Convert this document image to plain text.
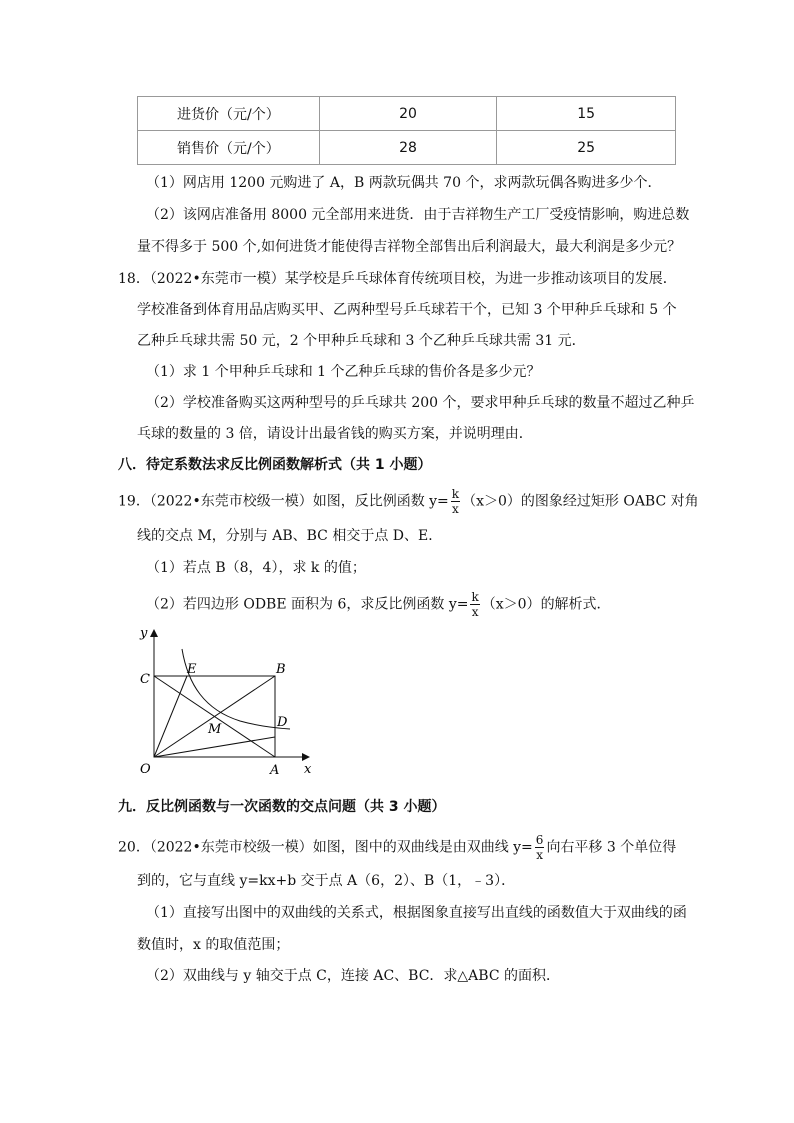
进货价（元/个）	20	15
销售价（元/个）	28	25
（1）网店用 1200 元购进了 A，B 两款玩偶共 70 个，求两款玩偶各购进多少个．
（2）该网店准备用 8000 元全部用来进货．由于吉祥物生产工厂受疫情影响，购进总数
量不得多于 500 个,如何进货才能使得吉祥物全部售出后利润最大，最大利润是多少元？
18．（2022•东莞市一模）某学校是乒乓球体育传统项目校，为进一步推动该项目的发展．
学校准备到体育用品店购买甲、乙两种型号乒乓球若干个，已知 3 个甲种乒乓球和 5 个
乙种乒乓球共需 50 元，2 个甲种乒乓球和 3 个乙种乒乓球共需 31 元．
（1）求 1 个甲种乒乓球和 1 个乙种乒乓球的售价各是多少元？
（2）学校准备购买这两种型号的乒乓球共 200 个，要求甲种乒乓球的数量不超过乙种乒
乓球的数量的 3 倍，请设计出最省钱的购买方案，并说明理由．
八．待定系数法求反比例函数解析式（共 1 小题）
19．（2022•东莞市校级一模）如图，反比例函数 $y= \frac{k}{x} (x>0)$的图象经过矩形 OABC 对角
线的交点 M，分别与 AB、BC 相交于点 D、E．
（1）若点 B（8，4），求 k 的值；
（2）若四边形 ODBE 面积为 6，求反比例函数 $y= \frac{k}{x} (x>0)$的解析式．
y
x
C
E	B
D
M
O	A
九．反比例函数与一次函数的交点问题（共 3 小题）
20．（2022•东莞市校级一模）如图，图中的双曲线是由双曲线 $y= \frac{6}{x}$ 向右平移 3 个单位得
到的，它与直线 y=kx+b 交于点 A（6，2）、B（1，﹣3）．
（1）直接写出图中的双曲线的关系式，根据图象直接写出直线的函数值大于双曲线的函
数值时，x 的取值范围；
（2）双曲线与 y 轴交于点 C，连接 AC、BC．求△ABC 的面积．
